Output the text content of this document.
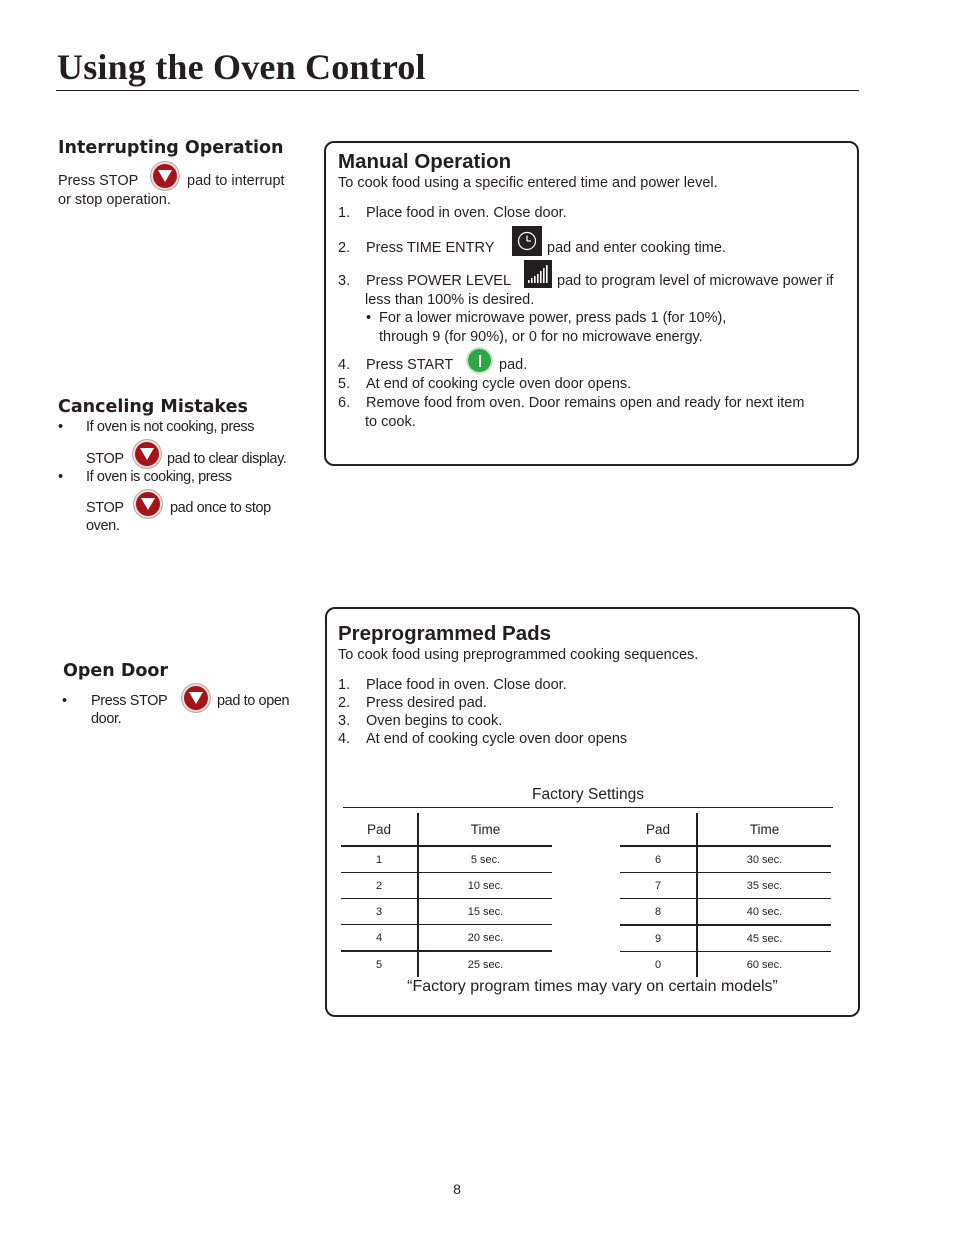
Using the Oven Control
Interrupting Operation
Press STOP	pad to interrupt
or stop operation.
Canceling Mistakes
• If oven is not cooking, press
STOP	pad to clear display.
• If oven is cooking, press
STOP	pad once to stop
oven.
Open Door
• Press STOP	pad to open
door.
Manual Operation
To cook food using a specific entered time and power level.
1. Place food in oven. Close door.
2. Press TIME ENTRY	pad and enter cooking time.
3. Press POWER LEVEL	pad to program level of microwave power if
less than 100% is desired.
• For a lower microwave power, press pads 1 (for 10%),
through 9 (for 90%), or 0 for no microwave energy.
4. Press START	pad.
5. At end of cooking cycle oven door opens.
6. Remove food from oven. Door remains open and ready for next item
to cook.
Preprogrammed Pads
To cook food using preprogrammed cooking sequences.
1. Place food in oven. Close door.
2. Press desired pad.
3. Oven begins to cook.
4. At end of cooking cycle oven door opens
Factory Settings
Pad	Time
1	5 sec.
2	10 sec.
3	15 sec.
4	20 sec.
5	25 sec.
Pad	Time
6	30 sec.
7	35 sec.
8	40 sec.
9	45 sec.
0	60 sec.
“Factory program times may vary on certain models”
8
